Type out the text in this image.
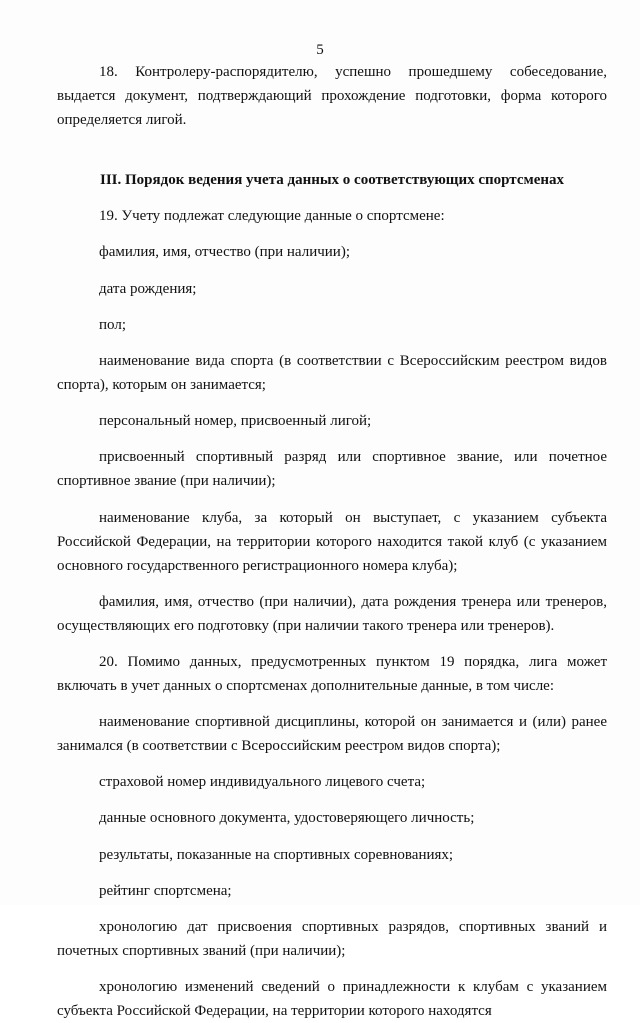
5

18. Контролеру-распорядителю, успешно прошедшему собеседование, выдается документ, подтверждающий прохождение подготовки, форма которого определяется лигой.

III. Порядок ведения учета данных о соответствующих спортсменах

19. Учету подлежат следующие данные о спортсмене:

фамилия, имя, отчество (при наличии);

дата рождения;

пол;

наименование вида спорта (в соответствии с Всероссийским реестром видов спорта), которым он занимается;

персональный номер, присвоенный лигой;

присвоенный спортивный разряд или спортивное звание, или почетное спортивное звание (при наличии);

наименование клуба, за который он выступает, с указанием субъекта Российской Федерации, на территории которого находится такой клуб (с указанием основного государственного регистрационного номера клуба);

фамилия, имя, отчество (при наличии), дата рождения тренера или тренеров, осуществляющих его подготовку (при наличии такого тренера или тренеров).

20. Помимо данных, предусмотренных пунктом 19 порядка, лига может включать в учет данных о спортсменах дополнительные данные, в том числе:

наименование спортивной дисциплины, которой он занимается и (или) ранее занимался (в соответствии с Всероссийским реестром видов спорта);

страховой номер индивидуального лицевого счета;

данные основного документа, удостоверяющего личность;

результаты, показанные на спортивных соревнованиях;

рейтинг спортсмена;

хронологию дат присвоения спортивных разрядов, спортивных званий и почетных спортивных званий (при наличии);

хронологию изменений сведений о принадлежности к клубам с указанием субъекта Российской Федерации, на территории которого находятся
